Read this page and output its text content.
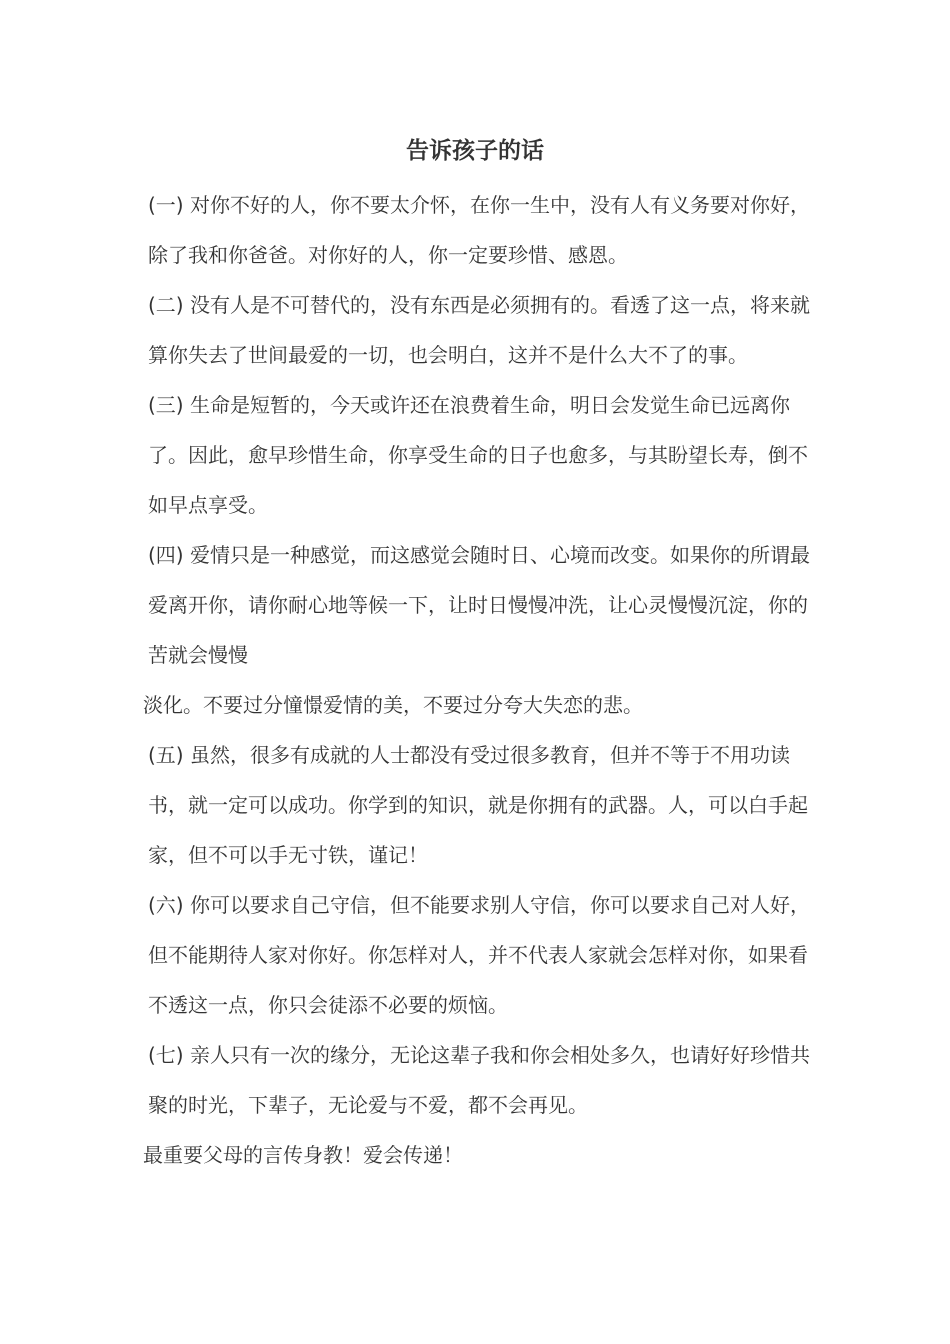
告诉孩子的话

(一) 对你不好的人，你不要太介怀，在你一生中，没有人有义务要对你好，除了我和你爸爸。对你好的人，你一定要珍惜、感恩。

(二) 没有人是不可替代的，没有东西是必须拥有的。看透了这一点，将来就算你失去了世间最爱的一切，也会明白，这并不是什么大不了的事。

(三) 生命是短暂的，今天或许还在浪费着生命，明日会发觉生命已远离你了。因此，愈早珍惜生命，你享受生命的日子也愈多，与其盼望长寿，倒不如早点享受。

(四) 爱情只是一种感觉，而这感觉会随时日、心境而改变。如果你的所谓最爱离开你，请你耐心地等候一下，让时日慢慢冲洗，让心灵慢慢沉淀，你的苦就会慢慢

淡化。不要过分憧憬爱情的美，不要过分夸大失恋的悲。

(五) 虽然，很多有成就的人士都没有受过很多教育，但并不等于不用功读书，就一定可以成功。你学到的知识，就是你拥有的武器。人，可以白手起家，但不可以手无寸铁，谨记！

(六) 你可以要求自己守信，但不能要求别人守信，你可以要求自己对人好，但不能期待人家对你好。你怎样对人，并不代表人家就会怎样对你，如果看不透这一点，你只会徒添不必要的烦恼。

(七) 亲人只有一次的缘分，无论这辈子我和你会相处多久，也请好好珍惜共聚的时光，下辈子，无论爱与不爱，都不会再见。

最重要父母的言传身教！爱会传递！
